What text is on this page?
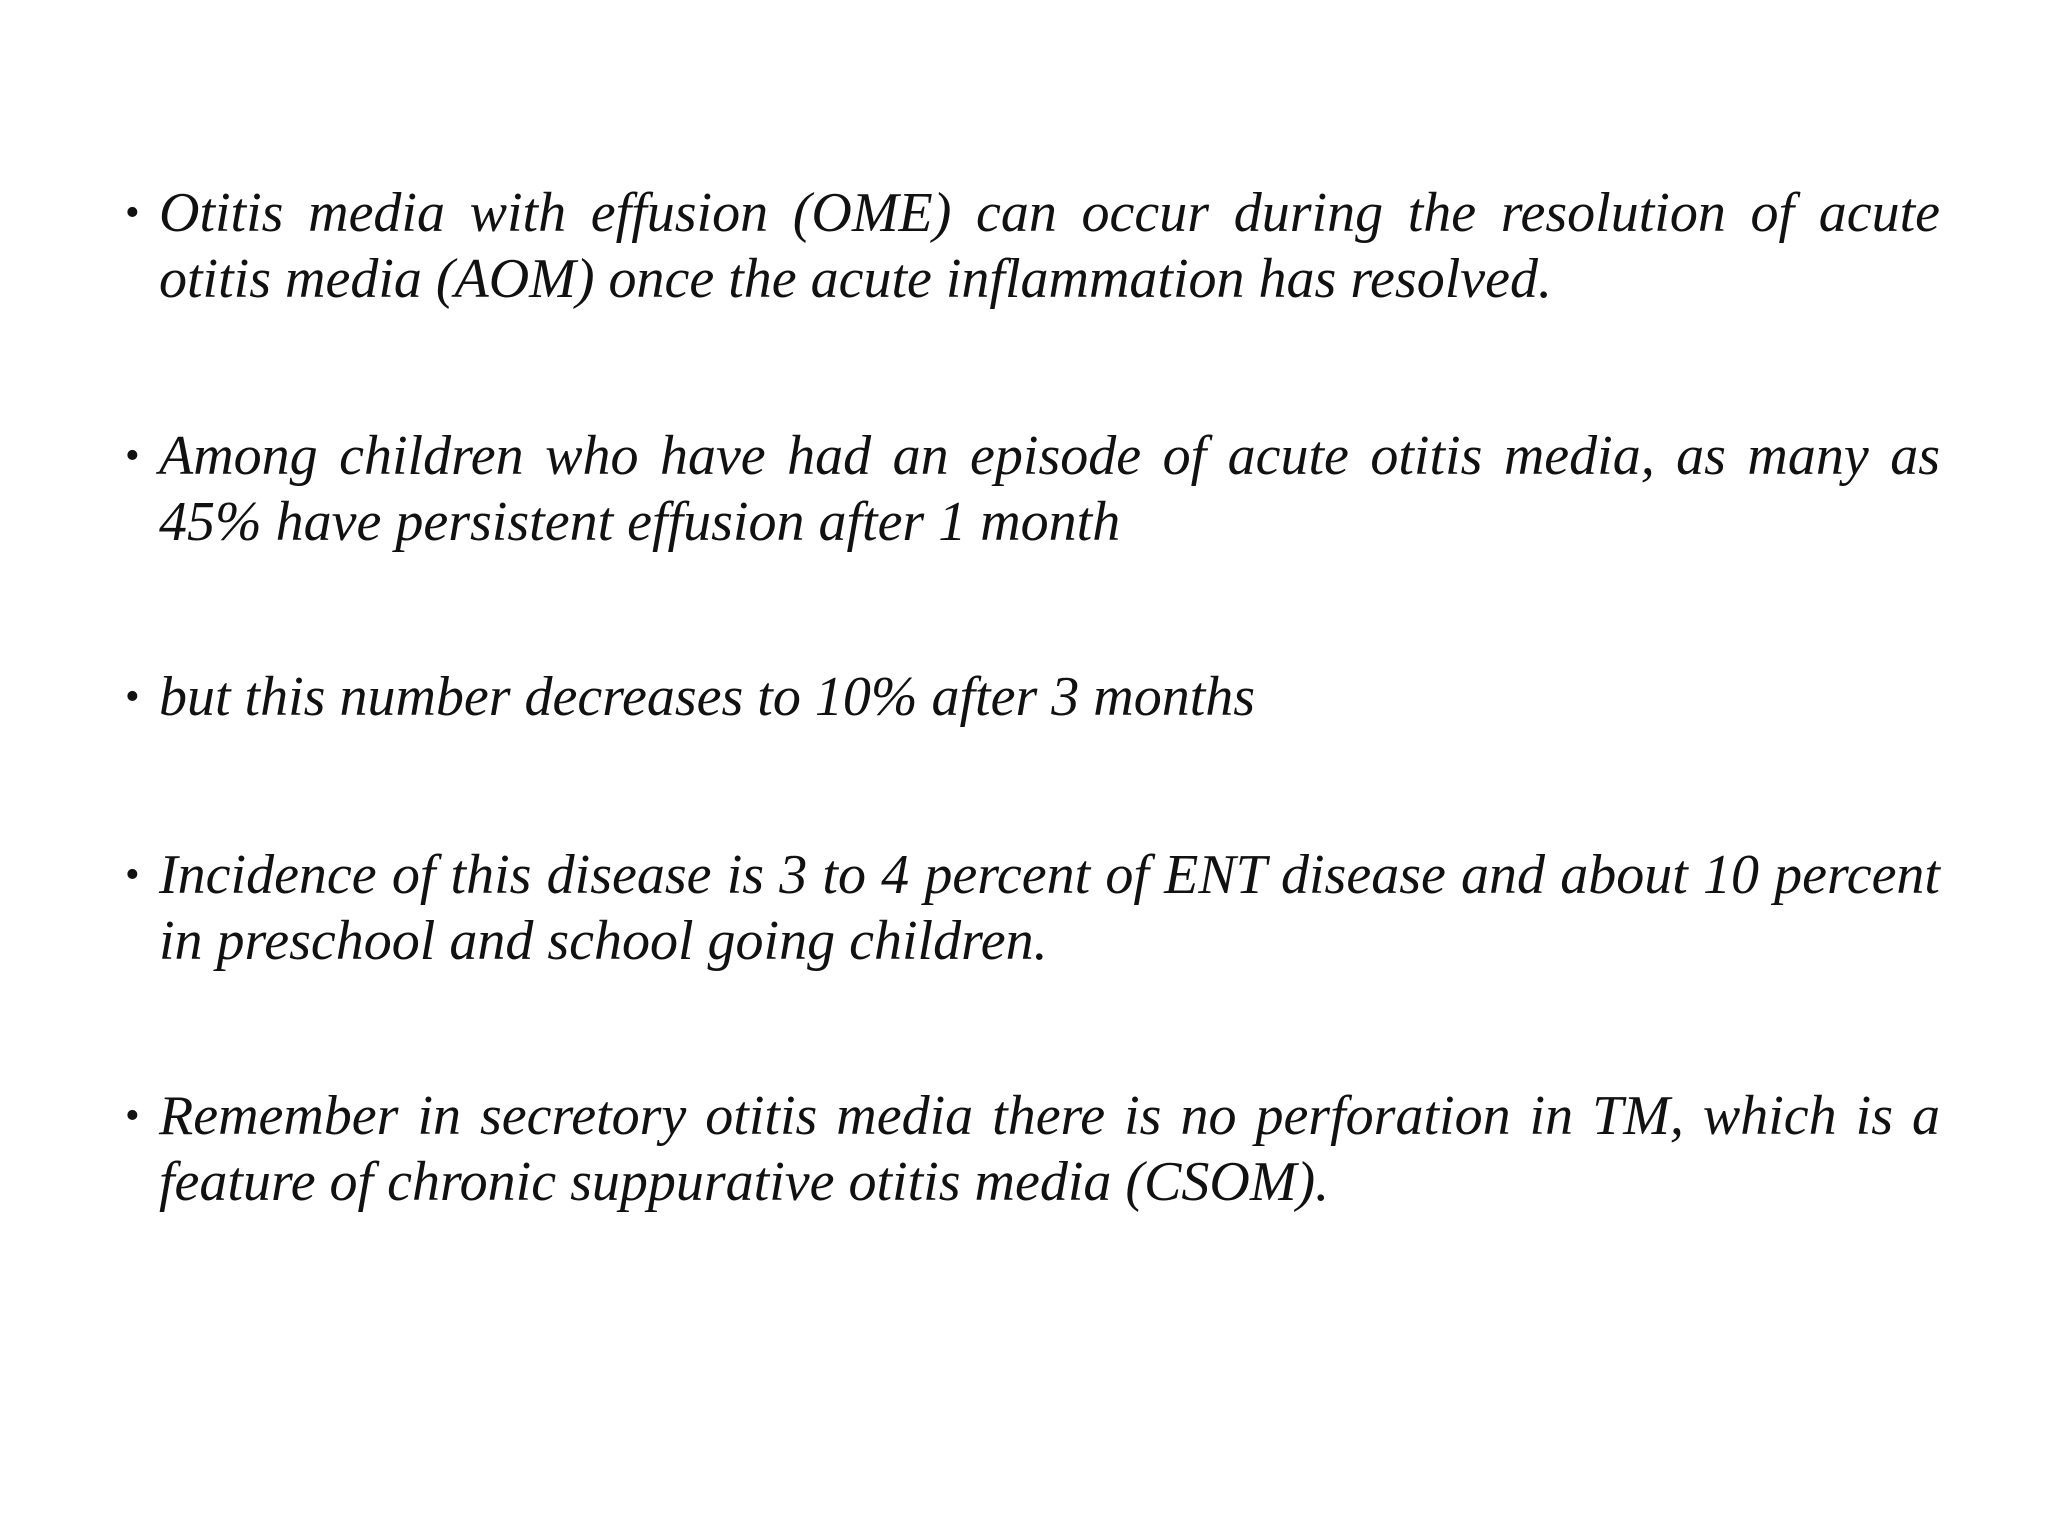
• Otitis media with effusion (OME) can occur during the resolution of acute otitis media (AOM) once the acute inflammation has resolved.

• Among children who have had an episode of acute otitis media, as many as 45% have persistent effusion after 1 month

• but this number decreases to 10% after 3 months

• Incidence of this disease is 3 to 4 percent of ENT disease and about 10 percent in preschool and school going children.

• Remember in secretory otitis media there is no perforation in TM, which is a feature of chronic suppurative otitis media (CSOM).
